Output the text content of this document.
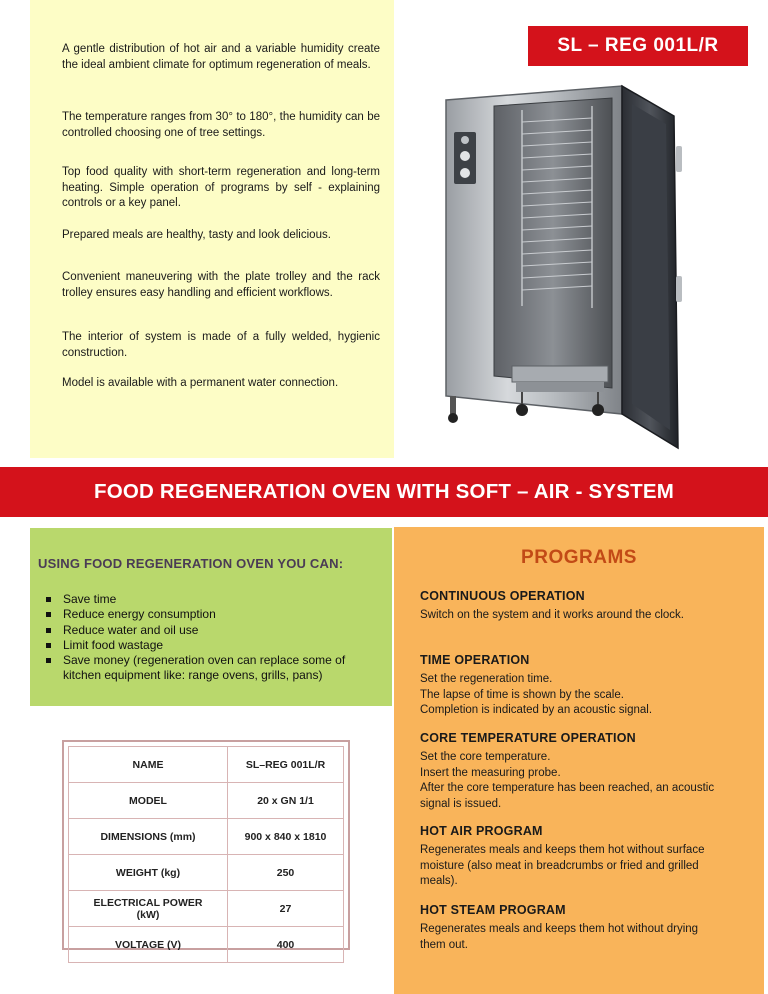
A gentle distribution of hot air and a variable humidity create the ideal ambient climate for optimum regeneration of meals.

The temperature ranges from 30° to 180°, the humidity can be controlled choosing one of tree settings.

Top food quality with short-term regeneration and long-term heating. Simple operation of programs by self - explaining controls or a key panel.

Prepared meals are healthy, tasty and look delicious.

Convenient maneuvering with the plate trolley and the rack trolley ensures easy handling and efficient workflows.

The interior of system is made of a fully welded, hygienic construction.

Model is available with a permanent water connection.

SL – REG 001L/R
FOOD REGENERATION OVEN WITH SOFT – AIR - SYSTEM
USING FOOD REGENERATION OVEN YOU CAN:
Save time
Reduce energy consumption
Reduce water and oil use
Limit food wastage
Save money (regeneration oven can replace some of kitchen equipment like: range ovens, grills, pans)
NAME	SL–REG 001L/R
MODEL	20 x GN 1/1
DIMENSIONS (mm)	900 x 840 x 1810
WEIGHT (kg)	250
ELECTRICAL POWER (kW)	27
VOLTAGE (V)	400
PROGRAMS
CONTINUOUS OPERATION

Switch on the system and it works around the clock.

TIME OPERATION

Set the regeneration time.

The lapse of time is shown by the scale.

Completion is indicated by an acoustic signal.

CORE TEMPERATURE OPERATION

Set the core temperature.

Insert the measuring probe.

After the core temperature has been reached, an acoustic signal is issued.

HOT AIR PROGRAM

Regenerates meals and keeps them hot without surface moisture (also meat in breadcrumbs or fried and grilled meals).

HOT STEAM PROGRAM

Regenerates meals and keeps them hot without drying them out.
